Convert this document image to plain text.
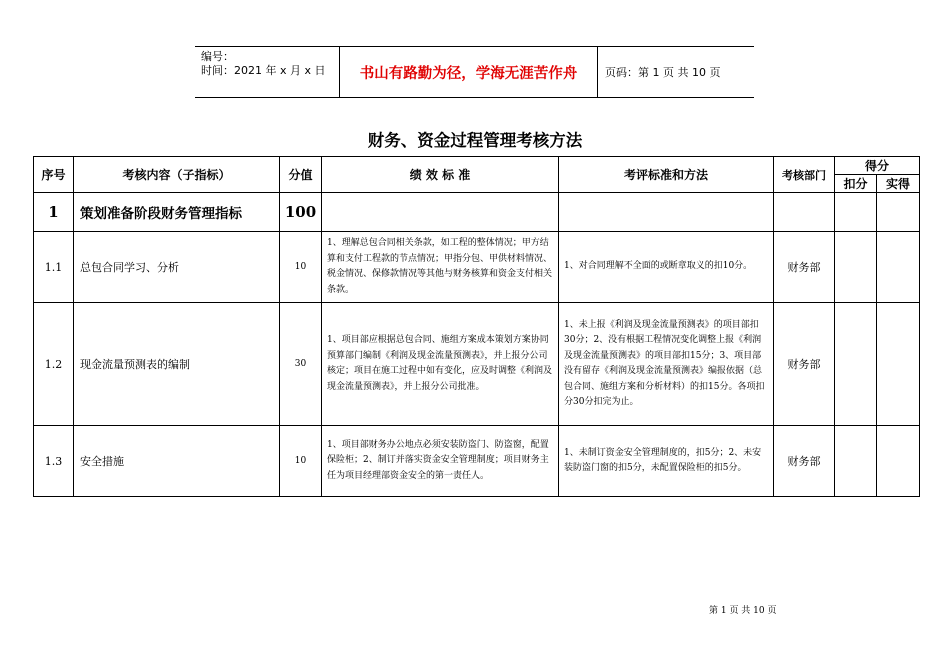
编号：
时间：2021 年 x 月 x 日	书山有路勤为径，学海无涯苦作舟	页码：第 1 页 共 10 页
财务、资金过程管理考核方法
序号	考核内容（子指标）	分值	绩 效 标 准	考评标准和方法	考核部门	得分	
						扣分	实得
1	策划准备阶段财务管理指标	100					
1.1	总包合同学习、分析	10	1、理解总包合同相关条款，如工程的整体情况；甲方结算和支付工程款的节点情况；甲指分包、甲供材料情况、税金情况、保修款情况等其他与财务核算和资金支付相关条款。	1、对合同理解不全面的或断章取义的扣10分。	财务部		
1.2	现金流量预测表的编制	30	1、项目部应根据总包合同、施组方案成本策划方案协同预算部门编制《利润及现金流量预测表》，并上报分公司核定；项目在施工过程中如有变化，应及时调整《利润及现金流量预测表》，并上报分公司批准。	1、未上报《利润及现金流量预测表》的项目部扣30分；2、没有根据工程情况变化调整上报《利润及现金流量预测表》的项目部扣15分；3、项目部没有留存《利润及现金流量预测表》编报依据（总包合同、施组方案和分析材料）的扣15分。各项扣分30分扣完为止。	财务部		
1.3	安全措施	10	1、项目部财务办公地点必须安装防盗门、防盗窗，配置保险柜；2、制订并落实资金安全管理制度；项目财务主任为项目经理部资金安全的第一责任人。	1、未制订资金安全管理制度的，扣5分；2、未安装防盗门窗的扣5分，未配置保险柜的扣5分。	财务部		
第 1 页 共 10 页
